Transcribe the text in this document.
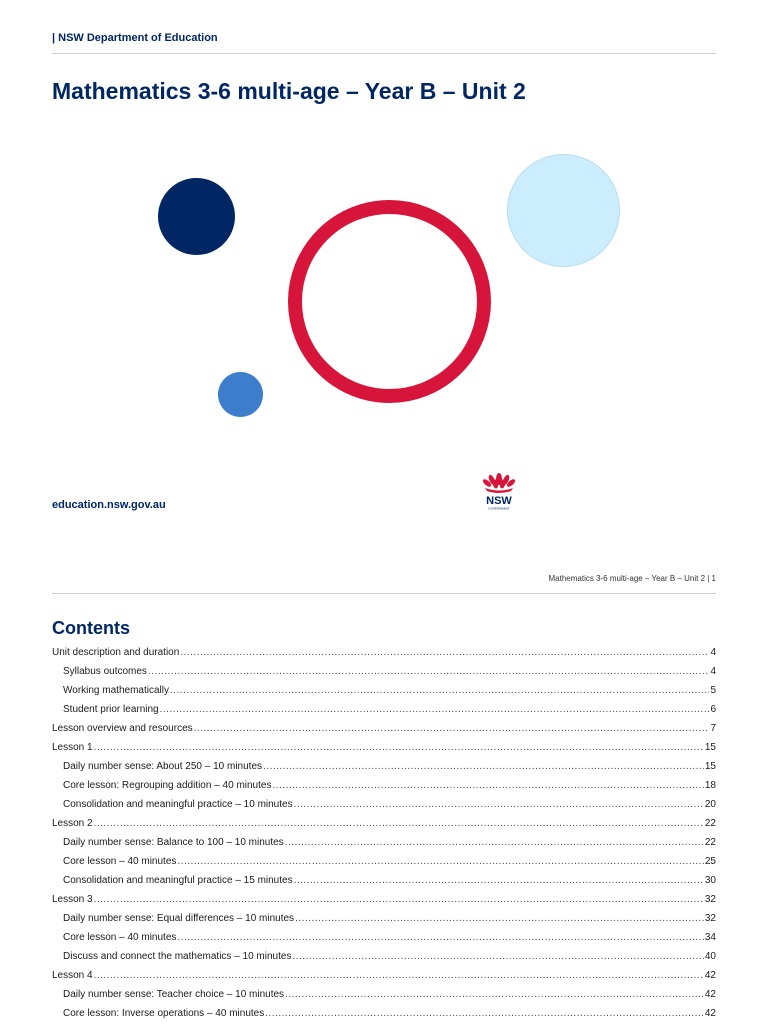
| NSW Department of Education
Mathematics 3-6 multi-age – Year B – Unit 2
education.nsw.gov.au	NSW
GOVERNMENT
Mathematics 3-6 multi-age – Year B – Unit 2 | 1
Contents
Unit description and duration .....	4
Syllabus outcomes .....	4
Working mathematically .....	5
Student prior learning .....	6
Lesson overview and resources .....	7
Lesson 1 .....	15
Daily number sense: About 250 – 10 minutes .....	15
Core lesson: Regrouping addition – 40 minutes .....	18
Consolidation and meaningful practice – 10 minutes .....	20
Lesson 2 .....	22
Daily number sense: Balance to 100 – 10 minutes .....	22
Core lesson – 40 minutes .....	25
Consolidation and meaningful practice – 15 minutes .....	30
Lesson 3 .....	32
Daily number sense: Equal differences – 10 minutes .....	32
Core lesson – 40 minutes .....	34
Discuss and connect the mathematics – 10 minutes .....	40
Lesson 4 .....	42
Daily number sense: Teacher choice – 10 minutes .....	42
Core lesson: Inverse operations – 40 minutes .....	42
